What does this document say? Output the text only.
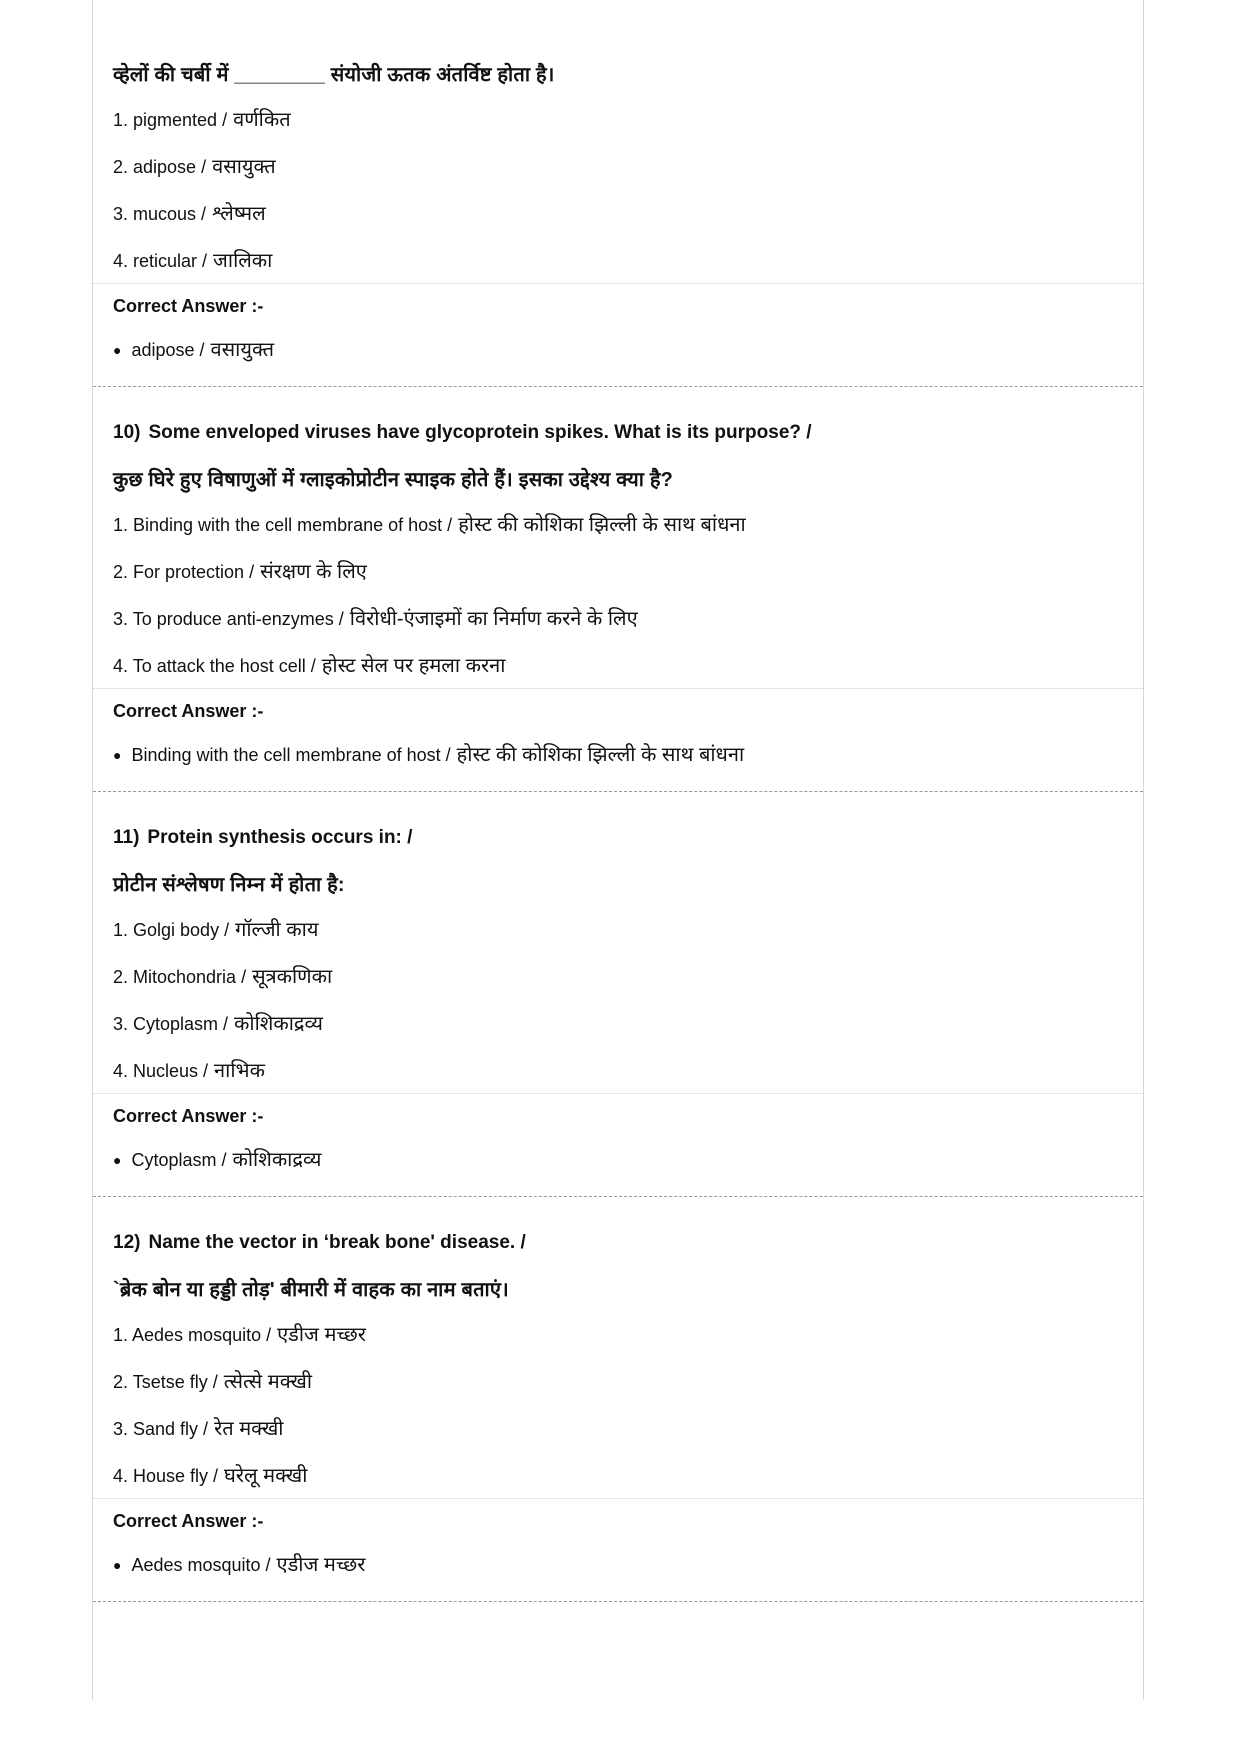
व्हेलों की चर्बी में ________ संयोजी ऊतक अंतर्विष्ट होता है।

1. pigmented / वर्णकित
2. adipose / वसायुक्त
3. mucous / श्लेष्मल
4. reticular / जालिका

Correct Answer :-

● adipose / वसायुक्त

10) Some enveloped viruses have glycoprotein spikes. What is its purpose? /

कुछ घिरे हुए विषाणुओं में ग्लाइकोप्रोटीन स्पाइक होते हैं। इसका उद्देश्य क्या है?

1. Binding with the cell membrane of host / होस्ट की कोशिका झिल्ली के साथ बांधना
2. For protection / संरक्षण के लिए
3. To produce anti-enzymes / विरोधी-एंजाइमों का निर्माण करने के लिए
4. To attack the host cell / होस्ट सेल पर हमला करना

Correct Answer :-

● Binding with the cell membrane of host / होस्ट की कोशिका झिल्ली के साथ बांधना

11) Protein synthesis occurs in: /

प्रोटीन संश्लेषण निम्न में होता है:

1. Golgi body / गॉल्जी काय
2. Mitochondria / सूत्रकणिका
3. Cytoplasm / कोशिकाद्रव्य
4. Nucleus / नाभिक

Correct Answer :-

● Cytoplasm / कोशिकाद्रव्य

12) Name the vector in ‘break bone' disease. /

`ब्रेक बोन या हड्डी तोड़' बीमारी में वाहक का नाम बताएं।

1. Aedes mosquito / एडीज मच्छर
2. Tsetse fly / त्सेत्से मक्खी
3. Sand fly / रेत मक्खी
4. House fly / घरेलू मक्खी

Correct Answer :-

● Aedes mosquito / एडीज मच्छर
